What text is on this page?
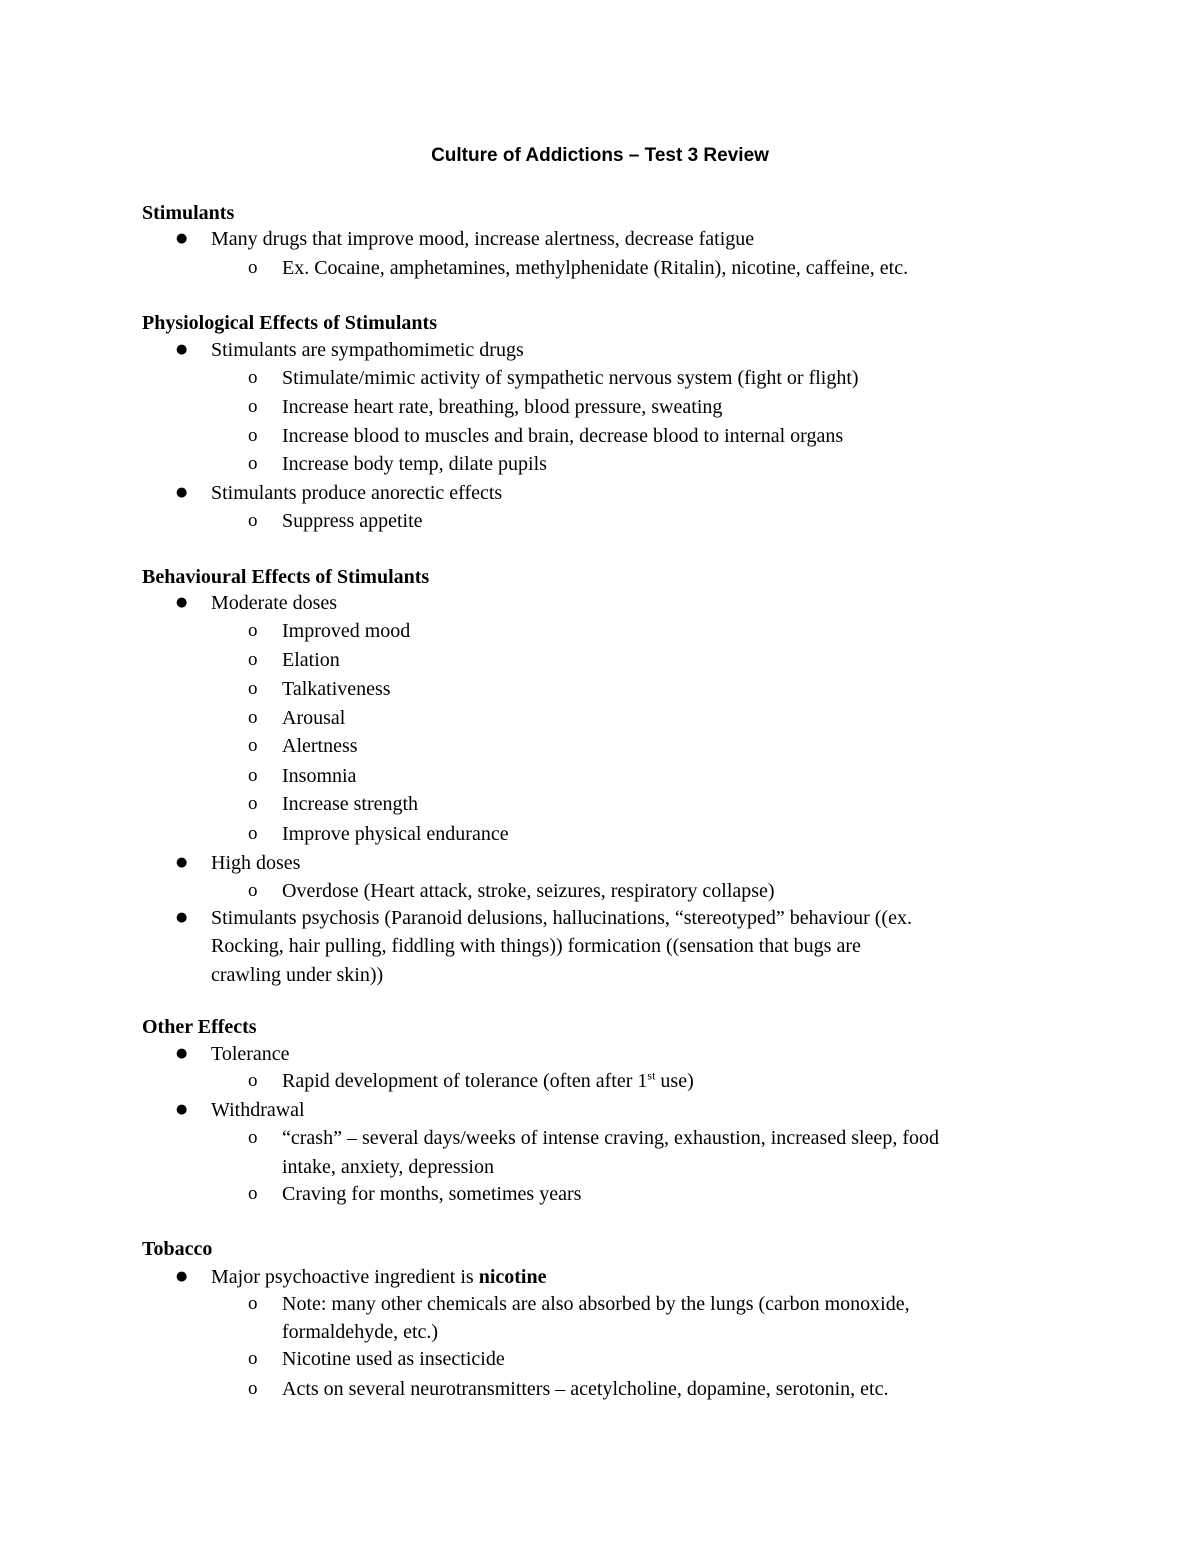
Culture of Addictions – Test 3 Review
Stimulants
● Many drugs that improve mood, increase alertness, decrease fatigue
o Ex. Cocaine, amphetamines, methylphenidate (Ritalin), nicotine, caffeine, etc.
Physiological Effects of Stimulants
● Stimulants are sympathomimetic drugs
o Stimulate/mimic activity of sympathetic nervous system (fight or flight)
o Increase heart rate, breathing, blood pressure, sweating
o Increase blood to muscles and brain, decrease blood to internal organs
o Increase body temp, dilate pupils
● Stimulants produce anorectic effects
o Suppress appetite
Behavioural Effects of Stimulants
● Moderate doses
o Improved mood
o Elation
o Talkativeness
o Arousal
o Alertness
o Insomnia
o Increase strength
o Improve physical endurance
● High doses
o Overdose (Heart attack, stroke, seizures, respiratory collapse)
● Stimulants psychosis (Paranoid delusions, hallucinations, “stereotyped” behaviour ((ex.
Rocking, hair pulling, fiddling with things)) formication ((sensation that bugs are
crawling under skin))
Other Effects
● Tolerance
o Rapid development of tolerance (often after 1st use)
● Withdrawal
o “crash” – several days/weeks of intense craving, exhaustion, increased sleep, food
intake, anxiety, depression
o Craving for months, sometimes years
Tobacco
● Major psychoactive ingredient is nicotine
o Note: many other chemicals are also absorbed by the lungs (carbon monoxide,
formaldehyde, etc.)
o Nicotine used as insecticide
o Acts on several neurotransmitters – acetylcholine, dopamine, serotonin, etc.
